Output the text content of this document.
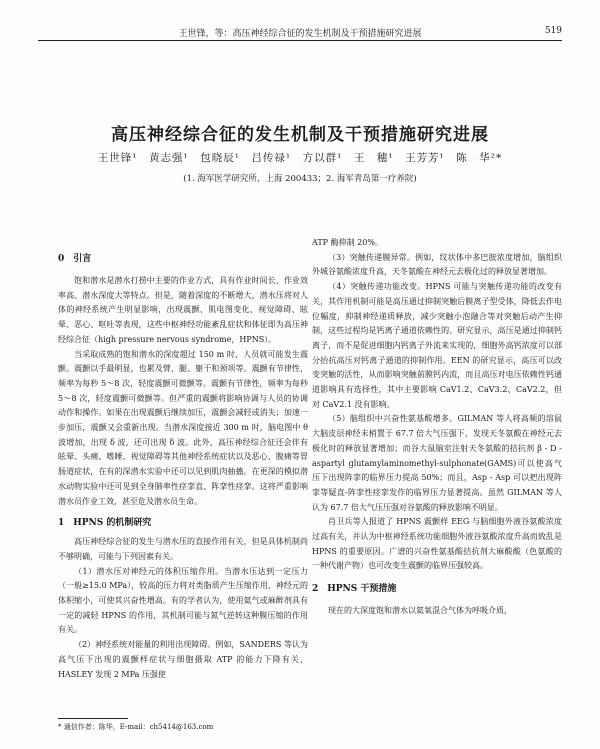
王世锋，等：高压神经综合征的发生机制及干预措施研究进展	519
高压神经综合征的发生机制及干预措施研究进展
王世锋¹　黄志强¹　包晓辰¹　吕传禄¹　方以群¹　王　穗¹　王芳芳¹　陈　华²*
(1. 海军医学研究所，上海 200433；2. 海军青岛第一疗养院)
0　引言

饱和潜水是潜水打捞中主要的作业方式，具有作业时间长、作业效率高、潜水深度大等特点。但是，随着深度的不断增大，潜水压将对人体的神经系统产生明显影响，出现震颤、肌电图变化、视觉障碍、眩晕、恶心、呕吐等表现，这些中枢神经功能紊乱症状和体征即为高压神经综合征（high pressure nervous syndrome，HPNS）。

当采取成熟的饱和潜水的深度超过 150 m 时，人员就可能发生震颤。震颤以手最明显，也累及臂、腿、躯干和颈项等。震颤有节律性，频率为每秒 5～8 次，轻度震颤可微颤等。震颤有节律性，频率为每秒 5～8 次，轻度震颤可微颤等。但严重的震颤将影响协调与人员的协调动作和操作。如果在出现震颤后继续加压，震颤会减轻或消失；加速一步加压，震颤又会重新出现。当潜水深度接近 300 m 时，脑电图中 θ 波增加，出现 δ 波，还可出现 δ 波。此外，高压神经综合征还会伴有眩晕、头痛、嗜睡、视觉障碍等其他神经系统症状以及恶心、腹痛等胃肠道症状，在有的深潜水实验中还可以见到肌肉抽搐。在更深的模拟潜水动物实验中还可见到全身肺率性痉挛直、阵挛性痉挛。这将严重影响潜水员作业工效，甚至危及潜水员生命。

1　HPNS 的机制研究

高压神经综合征的发生与潜水压的直接作用有关，但是具体机制尚不够明确，可能与下列因素有关。

（1）潜水压对神经元的体积压缩作用。当潜水压达到一定压力（一般≥15.0 MPa），较高的压力将对类脂质产生压缩作用，神经元的体积缩小，可使其兴奋性增高。有的学者认为，使用氦气或麻醉剂具有一定的减轻 HPNS 的作用，其机制可能与氮气逆转这种膜压缩的作用有关。

（2）神经系统对能量的利用出现障碍。例如，SANDERS 等认为高气压下出现的震颤样症状与细胞摄取 ATP 的能力下降有关，HASLEY 发现 2 MPa 压强使

ATP 酶抑制 20%。

（3）突触传递膜异常。例如，纹状体中多巴胺浓度增加，脑组织外城谷氨酸浓度升高，天冬氨酸在神经元去极化过的释放显著增加。

（4）突触传递功能改变。HPNS 可能与突触传递功能的改变有关，其作用机制可能是高压通过抑制突触后膜离子型受体，降低去作电位幅度，抑制神经递质释放，减少突触小泡融合等对突触后动产生抑制，这些过程均是钙离子通道依赖性的。研究显示，高压是通过抑制钙离子，而不是促进细胞内钙离子外流来实现的，细胞外高钙浓度可以部分抬抗高压对钙离子通道的抑制作用。EEN 的研究显示，高压可以改变突触的活性，从而影响突触前膜钙内流，而且高压对电压依赖性钙通道影响具有选择性，其中主要影响 CaV1.2、CaV3.2、CaV2.2，但对 CaV2.1 没有影响。

（5）脑组织中兴奋性氨基酸增多。GILMAN 等人将高频的溶鼠大脑皮层神经末梢置于 67.7 倍大气压强下，发现天冬氨酸在神经元去极化时的释放显著增加；而谷大鼠脑室注射天冬氨酸的拮抗剂 β - D - aspartyl glutamylaminomethyl-sulphonate(GAMS)可以使高气压下出现阵挛的临界压力提高 50%；而且，Asp - Asp 可以把出现阵挛等疑直-阵挛性痉挛发作的临界压力显著提高。虽然 GILMAN 等人认为 67.7 倍大气压压强对谷氨酸的释放影响不明显。

肖卫兵等人报道了 HPNS 震颤样 EEG 与脑细胞外液谷氨酸浓度过高有关，并认为中枢神经系统功能细胞外液谷氨酸浓度升高而致乱是 HPNS 的重要原因。广谱的兴奋性氨基酸拮抗剂大麻酸酸（色氨酸的一种代谢产物）也可改变生震颤的临界压强较高。

2　HPNS 干预措施

现在的大深度饱和潜水以氦氧混合气体为呼吸介质，

* 通信作者：陈华，E-mail：ch5414@163.com
